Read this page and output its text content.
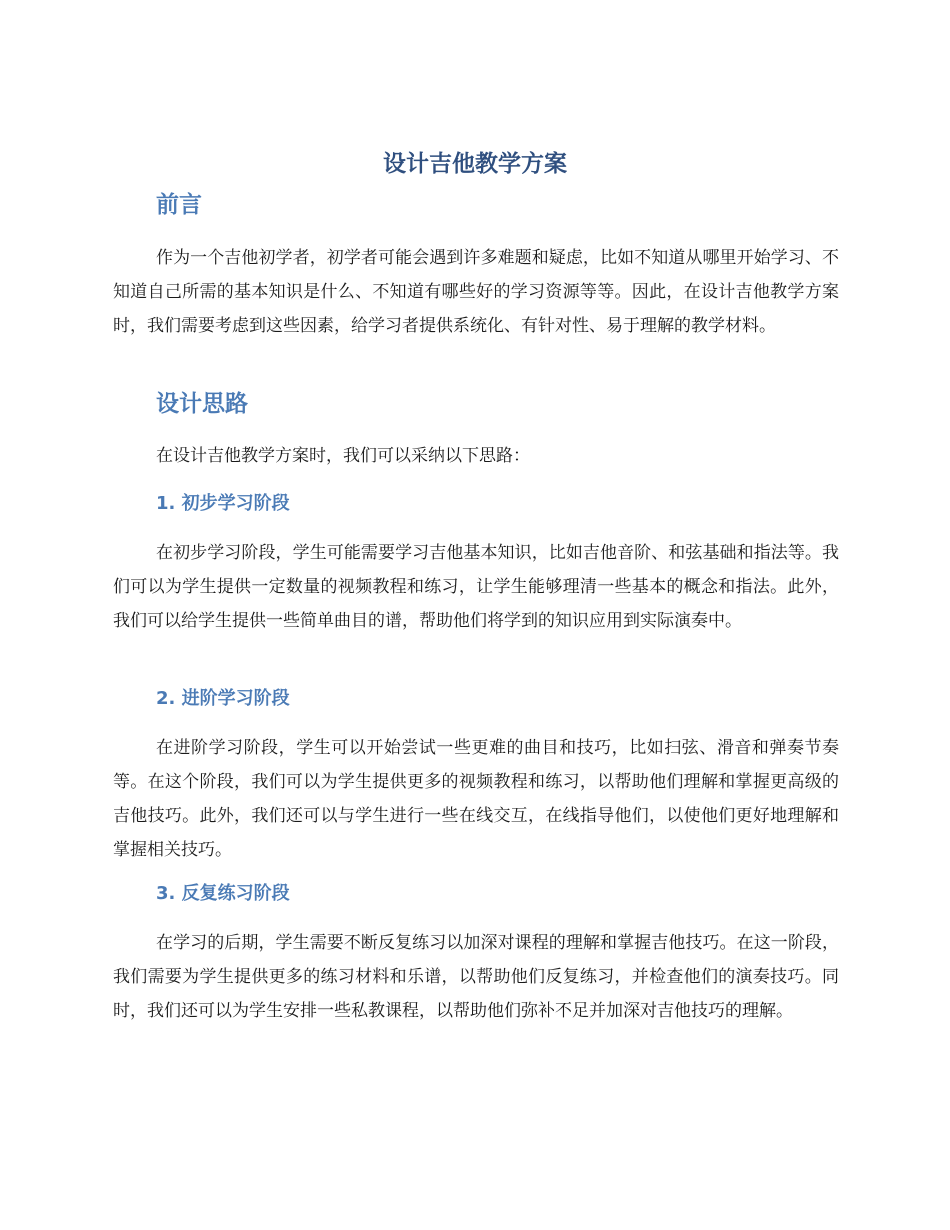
设计吉他教学方案
前言

作为一个吉他初学者，初学者可能会遇到许多难题和疑虑，比如不知道从哪里开始学习、不知道自己所需的基本知识是什么、不知道有哪些好的学习资源等等。因此，在设计吉他教学方案时，我们需要考虑到这些因素，给学习者提供系统化、有针对性、易于理解的教学材料。

设计思路

在设计吉他教学方案时，我们可以采纳以下思路：

1. 初步学习阶段

在初步学习阶段，学生可能需要学习吉他基本知识，比如吉他音阶、和弦基础和指法等。我们可以为学生提供一定数量的视频教程和练习，让学生能够理清一些基本的概念和指法。此外，我们可以给学生提供一些简单曲目的谱，帮助他们将学到的知识应用到实际演奏中。

2. 进阶学习阶段

在进阶学习阶段，学生可以开始尝试一些更难的曲目和技巧，比如扫弦、滑音和弹奏节奏等。在这个阶段，我们可以为学生提供更多的视频教程和练习，以帮助他们理解和掌握更高级的吉他技巧。此外，我们还可以与学生进行一些在线交互，在线指导他们，以使他们更好地理解和掌握相关技巧。

3. 反复练习阶段

在学习的后期，学生需要不断反复练习以加深对课程的理解和掌握吉他技巧。在这一阶段，我们需要为学生提供更多的练习材料和乐谱，以帮助他们反复练习，并检查他们的演奏技巧。同时，我们还可以为学生安排一些私教课程，以帮助他们弥补不足并加深对吉他技巧的理解。
